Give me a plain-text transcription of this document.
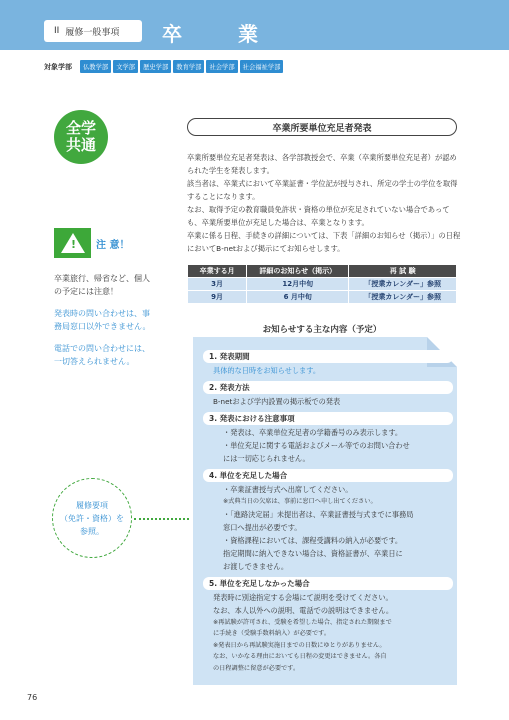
II 履修一般事項 卒　業
対象学部	仏教学部	文学部	歴史学部	教育学部	社会学部	社会福祉学部
全学
共通
! 注 意！

卒業旅行、帰省など、個人の予定には注意！

発表時の問い合わせは、事務局窓口以外できません。

電話での問い合わせには、一切答えられません。

履修要項
（免許・資格）を
参照。
卒業所要単位充足者発表

卒業所要単位充足者発表は、各学部教授会で、卒業（卒業所要単位充足者）が認められた学生を発表します。

該当者は、卒業式において卒業証書・学位記が授与され、所定の学士の学位を取得することになります。

なお、取得予定の教育職員免許状・資格の単位が充足されていない場合であっても、卒業所要単位が充足した場合は、卒業となります。

卒業に係る日程、手続きの詳細については、下表「詳細のお知らせ（掲示）」の日程においてB-netおよび掲示にてお知らせします。

卒業する月	詳細のお知らせ（掲示）	再 試 験
3月	12月中旬	「授業カレンダー」参照
9月	6 月中旬	「授業カレンダー」参照
お知らせする主な内容（予定）
1. 発表期間
具体的な日時をお知らせします。
2. 発表方法
B-netおよび学内設置の掲示板での発表
3. 発表における注意事項
・発表は、卒業単位充足者の学籍番号のみ表示します。
・単位充足に関する電話およびメール等でのお問い合わせ
には一切応じられません。
4. 単位を充足した場合
・卒業証書授与式へ出席してください。
※式典当日の欠席は、事前に窓口へ申し出てください。
・「進路決定届」未提出者は、卒業証書授与式までに事務局
窓口へ提出が必要です。
・資格課程においては、課程受講料の納入が必要です。
指定期間に納入できない場合は、資格証書が、卒業日に
お渡しできません。
5. 単位を充足しなかった場合
発表時に別途指定する会場にて説明を受けてください。
なお、本人以外への説明、電話での説明はできません。
※再試験が許可され、受験を希望した場合、指定された期限まで
に手続き（受験手数料納入）が必要です。
※発表日から再試験実施日までの日数にゆとりがありません。
なお、いかなる理由においても日程の変更はできません。各自
の日程調整に留意が必要です。
76
